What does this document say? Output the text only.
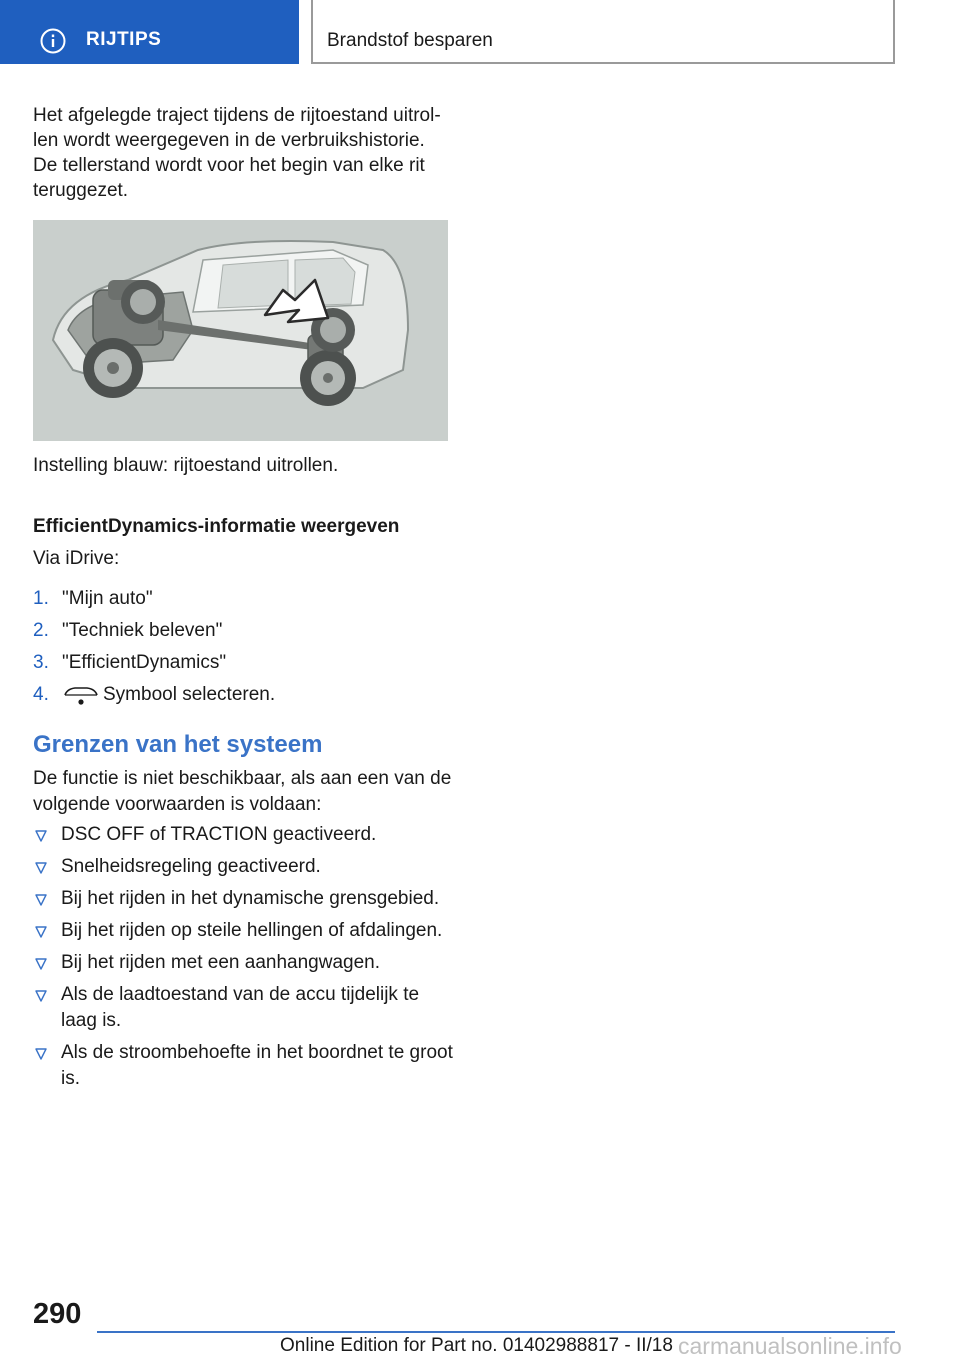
RIJTIPS	Brandstof besparen

Het afgelegde traject tijdens de rijtoestand uitrol‐

len wordt weergegeven in de verbruikshistorie.

De tellerstand wordt voor het begin van elke rit

teruggezet.

Instelling blauw: rijtoestand uitrollen.
EfficientDynamics-informatie weergeven
Via iDrive:
1. "Mijn auto"
2. "Techniek beleven"
3. "EfficientDynamics"
4.	Symbool selecteren.
Grenzen van het systeem
De functie is niet beschikbaar, als aan een van de volgende voorwaarden is voldaan:
DSC OFF of TRACTION geactiveerd.
Snelheidsregeling geactiveerd.
Bij het rijden in het dynamische grensgebied.
Bij het rijden op steile hellingen of afdalingen.
Bij het rijden met een aanhangwagen.
Als de laadtoestand van de accu tijdelijk te laag is.
Als de stroombehoefte in het boordnet te groot is.
290
Online Edition for Part no. 01402988817 - II/18 carmanualsonline.info
